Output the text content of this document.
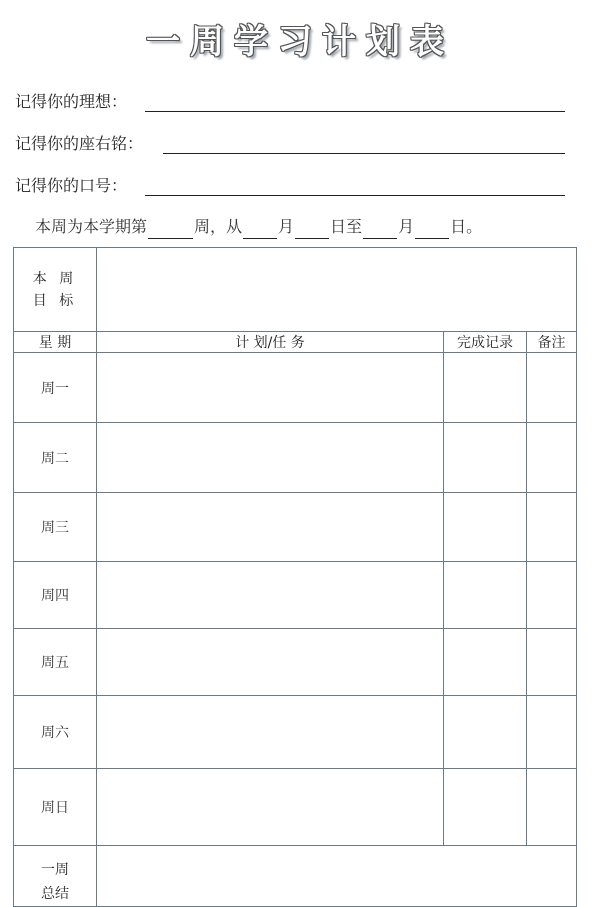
一周学习计划表
记得你的理想：
记得你的座右铭：
记得你的口号：
本周为本学期第	周，从 月 日至 月 日。
本 周
目 标			

星 期	计 划/任 务	完成记录	备注
周一			
周二			
周三			
周四			
周五			
周六			
周日			

一周
总结			
